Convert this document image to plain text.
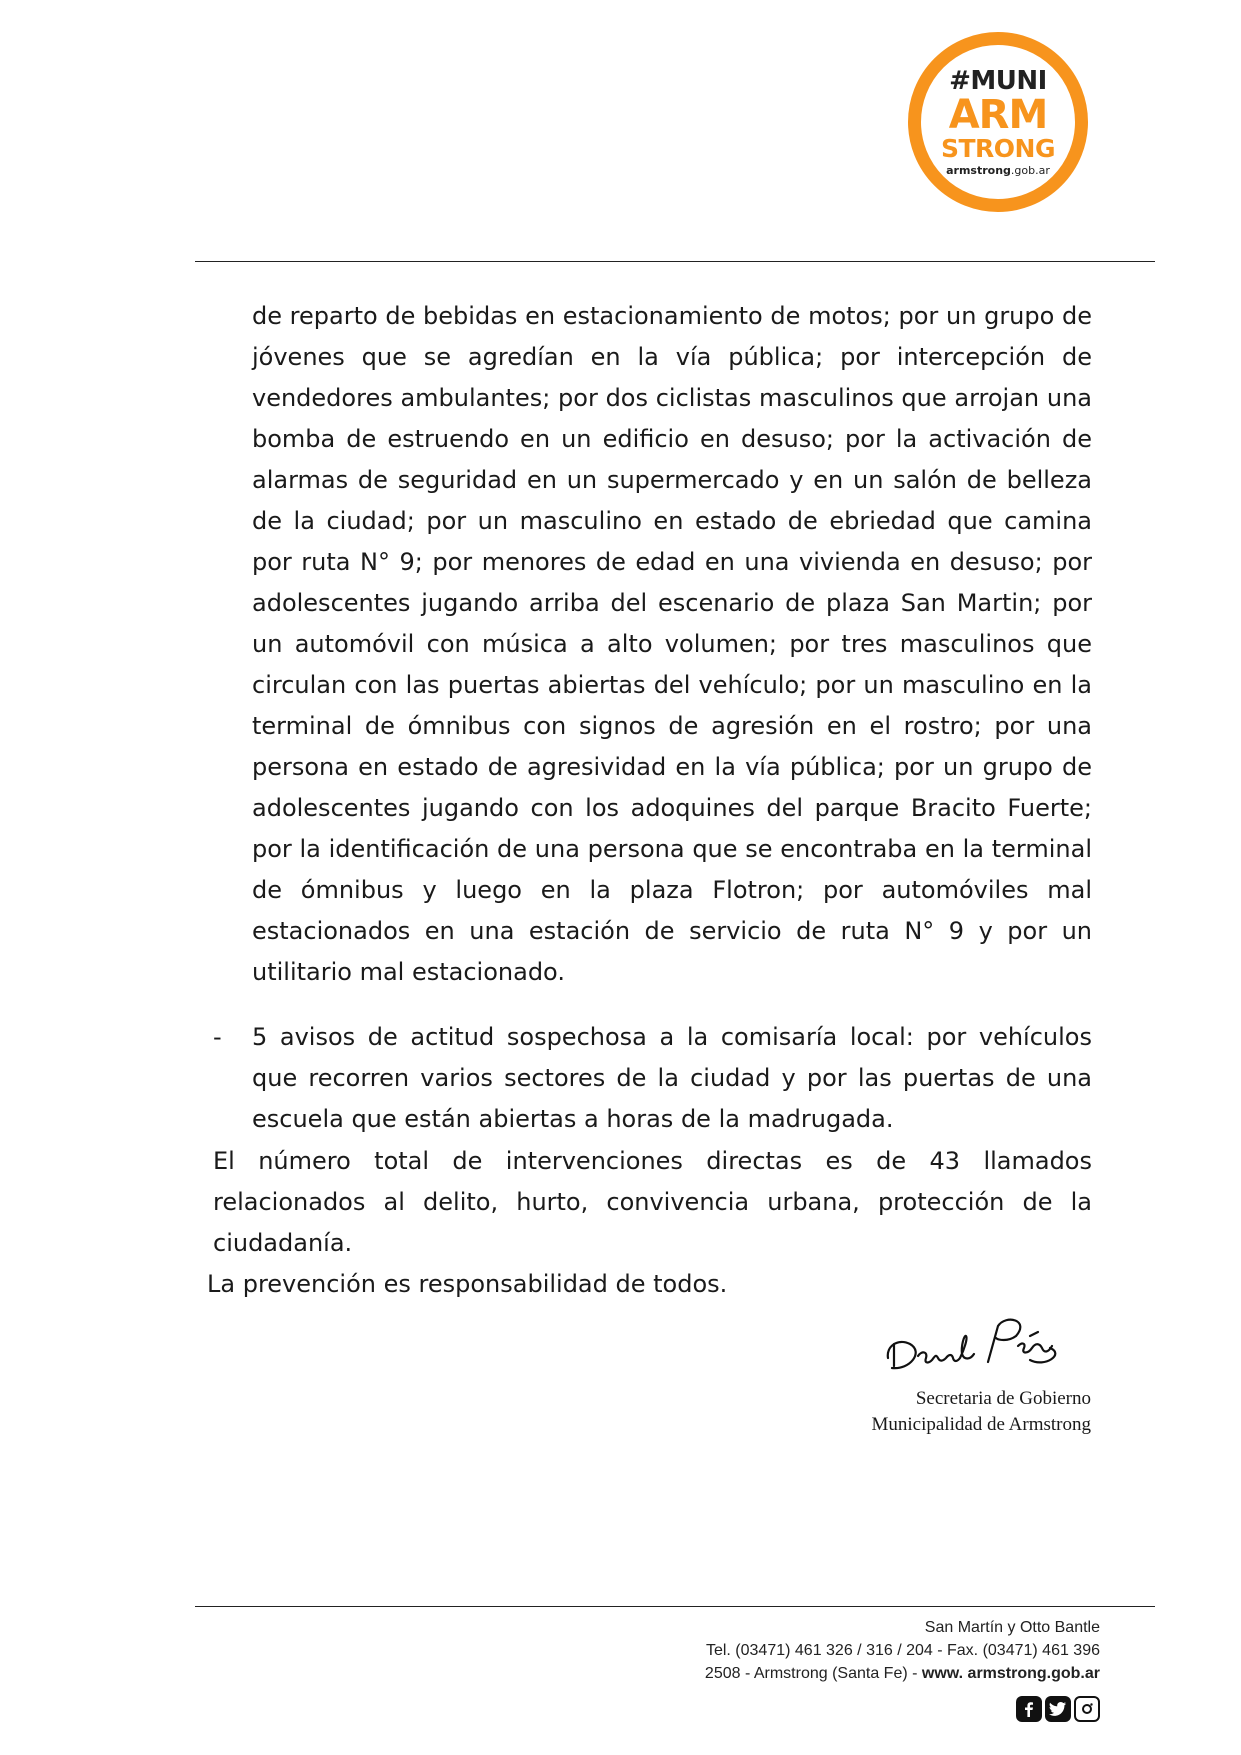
#MUNI
ARM
STRONG
armstrong.gob.ar

de reparto de bebidas en estacionamiento de motos; por un grupo de jóvenes que se agredían en la vía pública; por intercepción de vendedores ambulantes; por dos ciclistas masculinos que arrojan una bomba de estruendo en un edificio en desuso; por la activación de alarmas de seguridad en un supermercado y en un salón de belleza de la ciudad; por un masculino en estado de ebriedad que camina por ruta N° 9; por menores de edad en una vivienda en desuso; por adolescentes jugando arriba del escenario de plaza San Martin; por un automóvil con música a alto volumen; por tres masculinos que circulan con las puertas abiertas del vehículo; por un masculino en la terminal de ómnibus con signos de agresión en el rostro; por una persona en estado de agresividad en la vía pública; por un grupo de adolescentes jugando con los adoquines del parque Bracito Fuerte; por la identificación de una persona que se encontraba en la terminal de ómnibus y luego en la plaza Flotron; por automóviles mal estacionados en una estación de servicio de ruta N° 9 y por un utilitario mal estacionado.

- 5 avisos de actitud sospechosa a la comisaría local: por vehículos que recorren varios sectores de la ciudad y por las puertas de una escuela que están abiertas a horas de la madrugada.

El número total de intervenciones directas es de 43 llamados relacionados al delito, hurto, convivencia urbana, protección de la ciudadanía.

La prevención es responsabilidad de todos.

Secretaria de Gobierno
Municipalidad de Armstrong
San Martín y Otto Bantle
Tel. (03471) 461 326 / 316 / 204 - Fax. (03471) 461 396
2508 - Armstrong (Santa Fe) - www. armstrong.gob.ar
